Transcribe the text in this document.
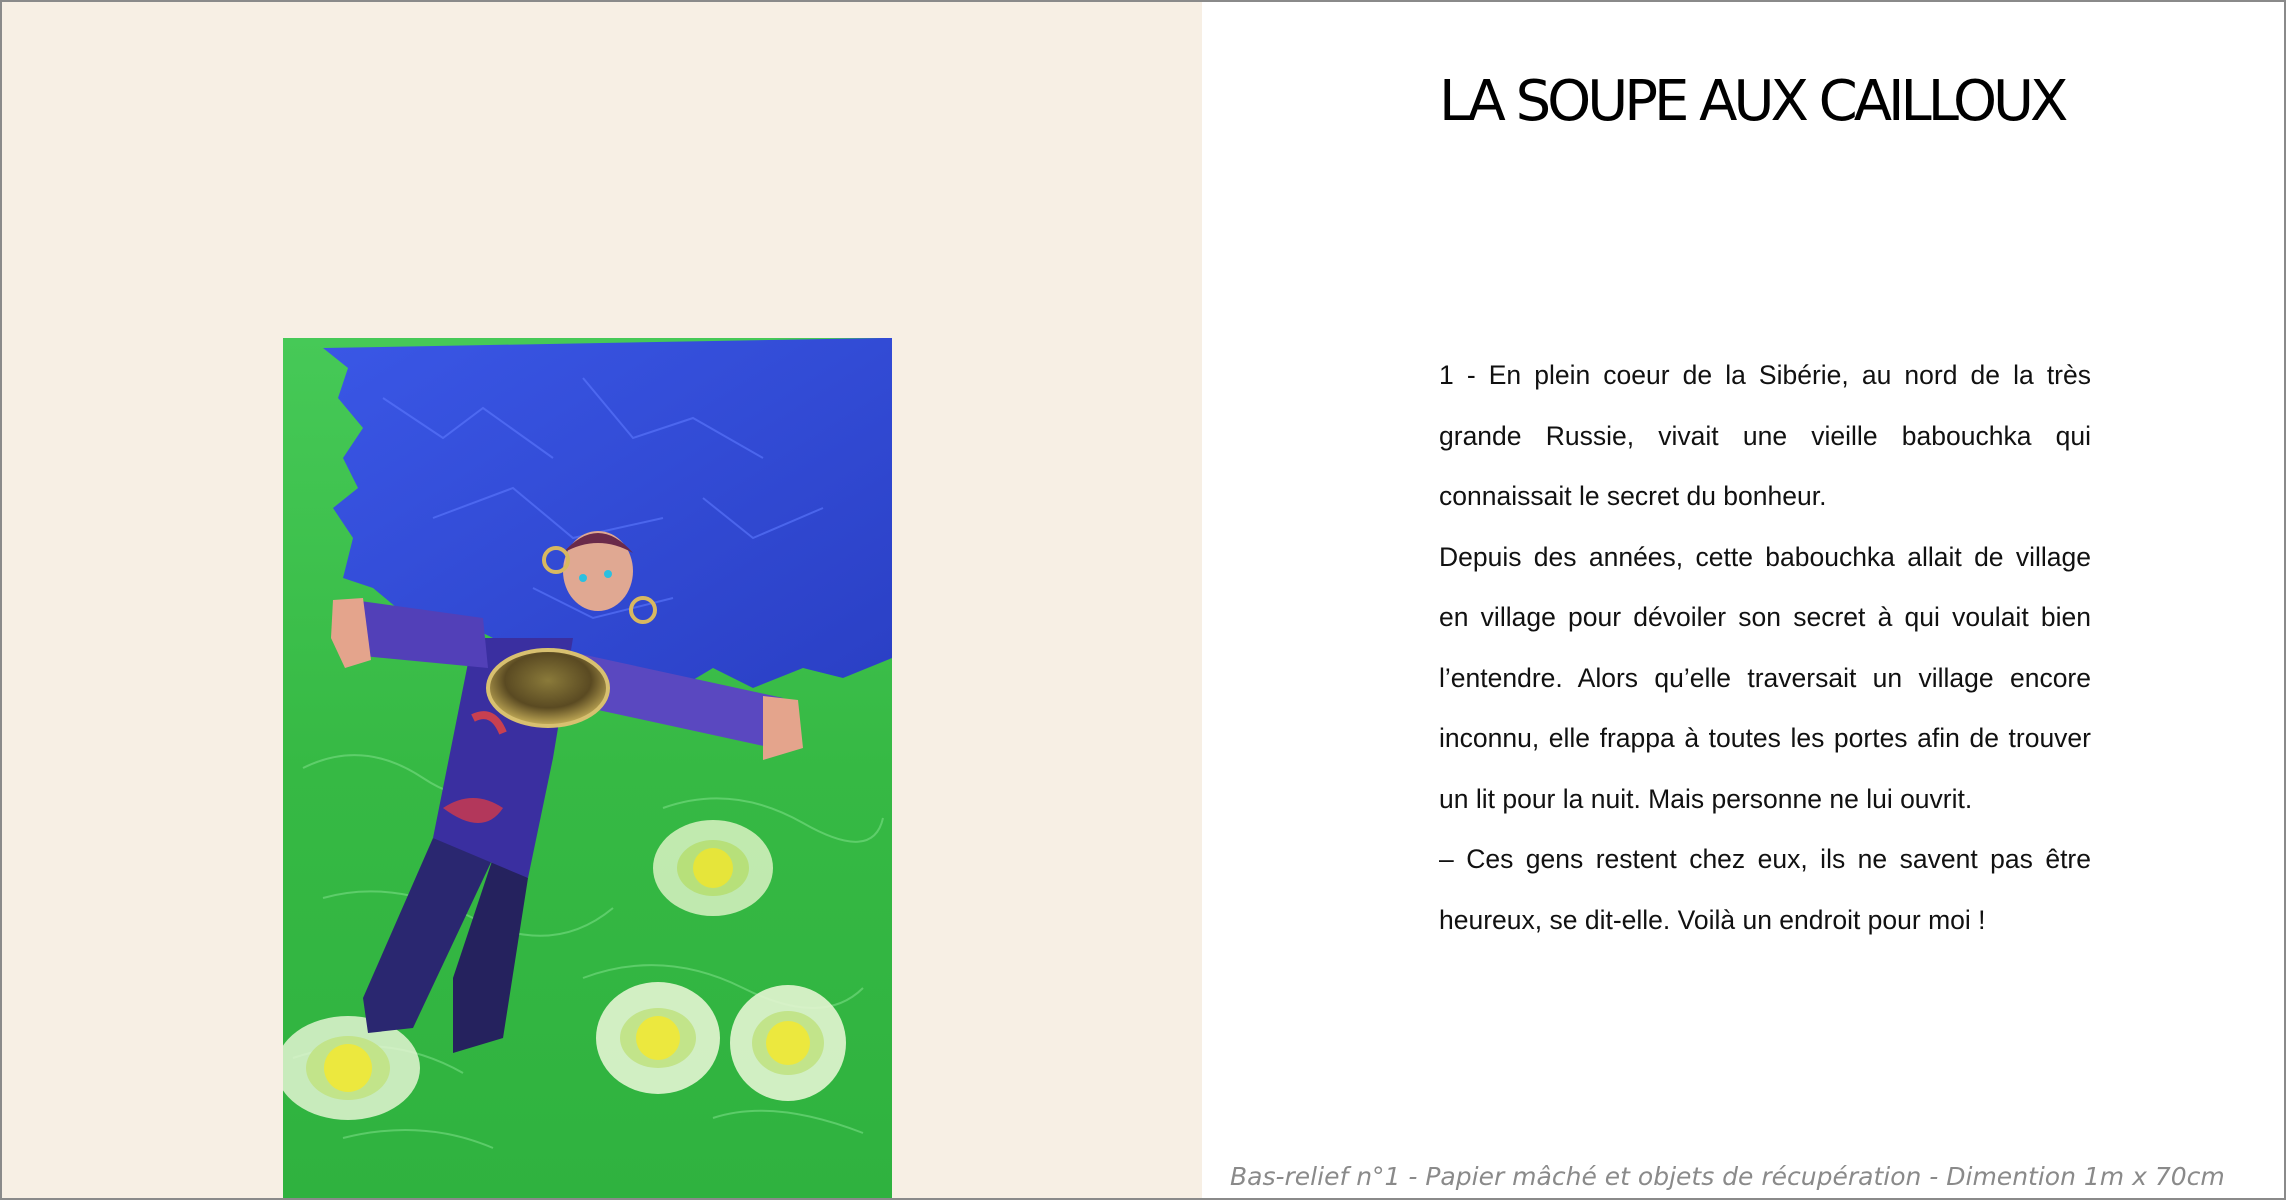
LA SOUPE AUX CAILLOUX

1 - En plein coeur de la Sibérie, au nord de la très grande Russie, vivait une vieille babouchka qui connaissait le secret du bonheur.

Depuis des années, cette babouchka allait de village en village pour dévoiler son secret à qui voulait bien l’entendre. Alors qu’elle traversait un village encore inconnu, elle frappa à toutes les portes afin de trouver un lit pour la nuit. Mais personne ne lui ouvrit.

– Ces gens restent chez eux, ils ne savent pas être heureux, se dit-elle. Voilà un endroit pour moi !

Bas-relief n°1 - Papier mâché et objets de récupération - Dimention 1m x 70cm
